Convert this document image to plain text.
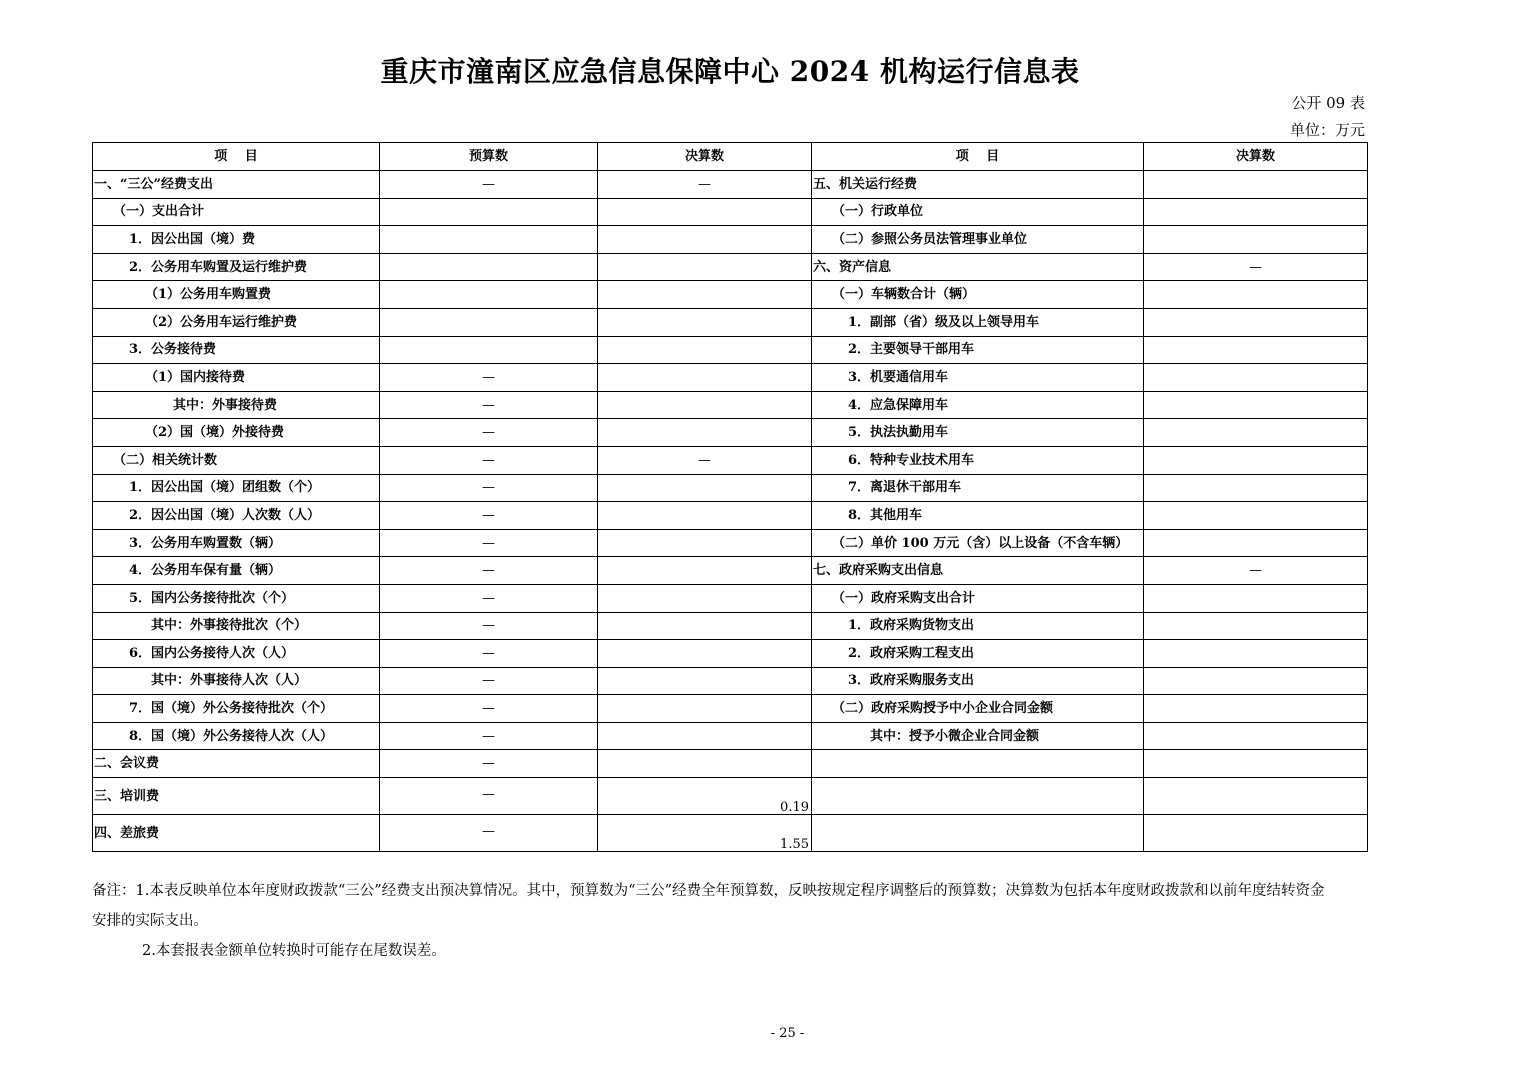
重庆市潼南区应急信息保障中心 2024 机构运行信息表
公开 09 表
单位：万元
项　 目	预算数	决算数	项　 目	决算数
一、“三公”经费支出	—	—	五、机关运行经费	
（一）支出合计			（一）行政单位	
1．因公出国（境）费			（二）参照公务员法管理事业单位	
2．公务用车购置及运行维护费			六、资产信息	—
（1）公务用车购置费			（一）车辆数合计（辆）	
（2）公务用车运行维护费			1．副部（省）级及以上领导用车	
3．公务接待费			2．主要领导干部用车	
（1）国内接待费	—		3．机要通信用车	
其中：外事接待费	—		4．应急保障用车	
（2）国（境）外接待费	—		5．执法执勤用车	
（二）相关统计数	—	—	6．特种专业技术用车	
1．因公出国（境）团组数（个）	—		7．离退休干部用车	
2．因公出国（境）人次数（人）	—		8．其他用车	
3．公务用车购置数（辆）	—		（二）单价 100 万元（含）以上设备（不含车辆）	
4．公务用车保有量（辆）	—		七、政府采购支出信息	—
5．国内公务接待批次（个）	—		（一）政府采购支出合计	
其中：外事接待批次（个）	—		1．政府采购货物支出	
6．国内公务接待人次（人）	—		2．政府采购工程支出	
其中：外事接待人次（人）	—		3．政府采购服务支出	
7．国（境）外公务接待批次（个）	—		（二）政府采购授予中小企业合同金额	
8．国（境）外公务接待人次（人）	—		其中：授予小微企业合同金额	
二、会议费	—			
三、培训费	—	0.19		
四、差旅费	—	1.55		

备注：1.本表反映单位本年度财政拨款“三公”经费支出预决算情况。其中，预算数为“三公”经费全年预算数，反映按规定程序调整后的预算数；决算数为包括本年度财政拨款和以前年度结转资金

安排的实际支出。

2.本套报表金额单位转换时可能存在尾数误差。

- 25 -
